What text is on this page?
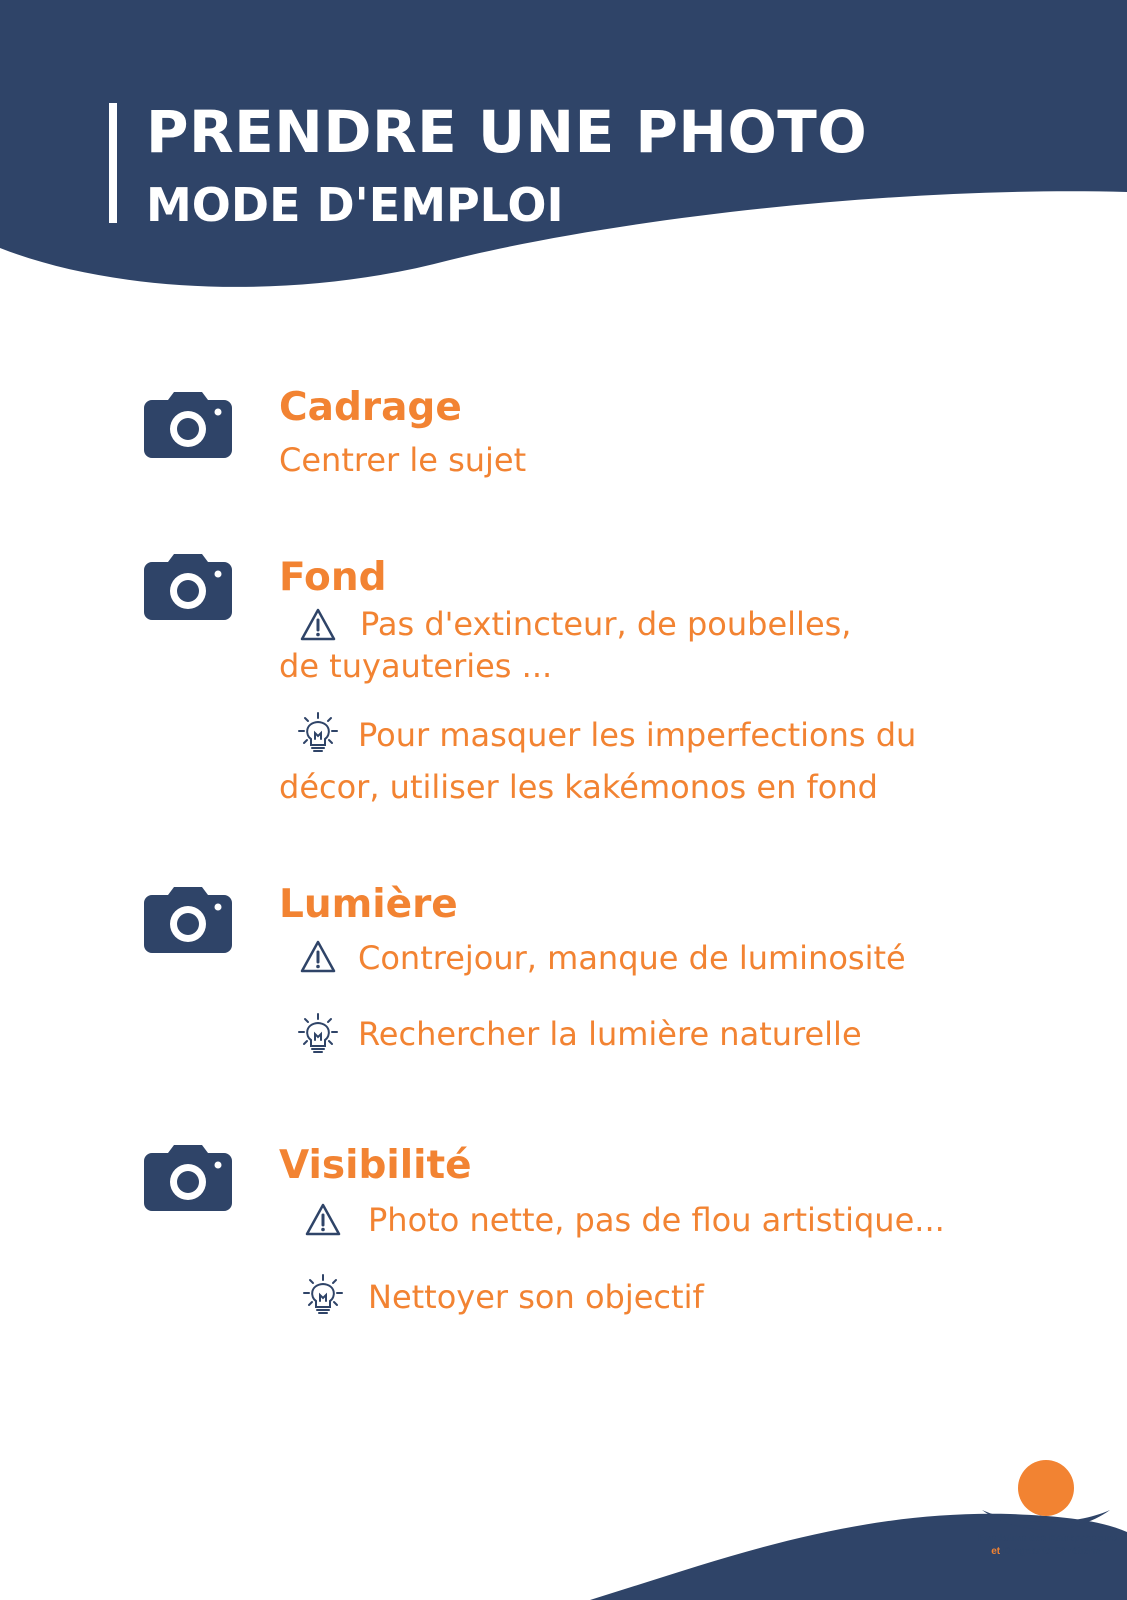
PRENDRE UNE PHOTO
MODE D'EMPLOI
Cadrage

Centrer le sujet

Fond

Pas d'extincteur, de poubelles,

de tuyauteries ...

Pour masquer les imperfections du

décor, utiliser les kakémonos en fond

Lumière

Contrejour, manque de luminosité

Rechercher la lumière naturelle

Visibilité

Photo nette, pas de flou artistique...

Nettoyer son objectif

Fondation des Entrepreneurs

et Dirigeants Chrétiens
